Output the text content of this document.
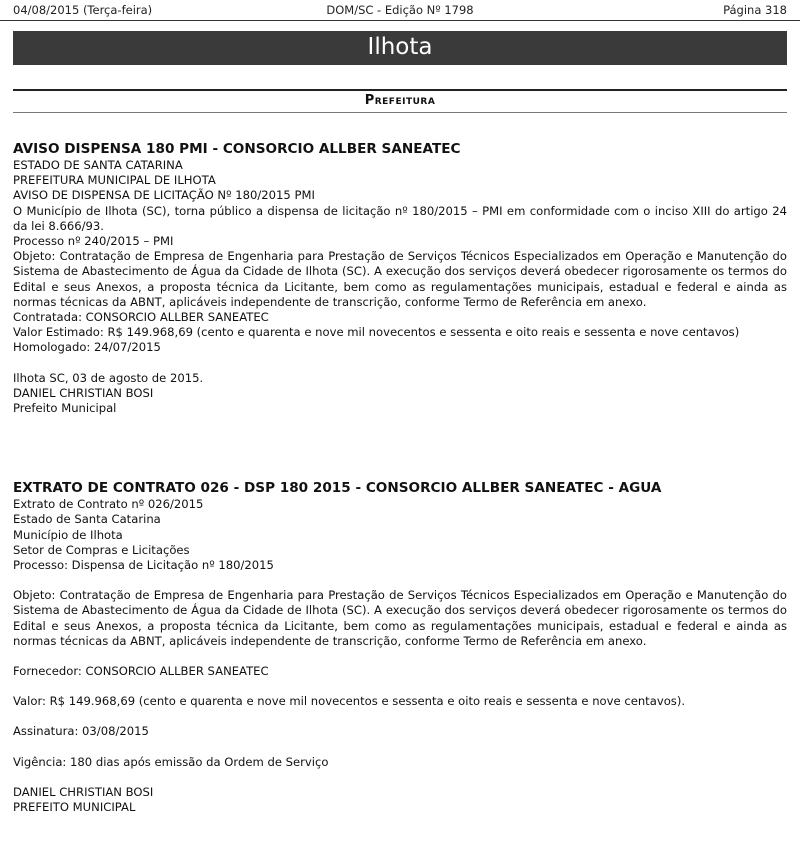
04/08/2015 (Terça-feira)	DOM/SC - Edição Nº 1798	Página 318
Ilhota
Prefeitura

AVISO DISPENSA 180 PMI - CONSORCIO ALLBER SANEATEC

ESTADO DE SANTA CATARINA

PREFEITURA MUNICIPAL DE ILHOTA

AVISO DE DISPENSA DE LICITAÇÃO Nº 180/2015 PMI

O Município de Ilhota (SC), torna público a dispensa de licitação nº 180/2015 – PMI em conformidade com o inciso XIII do artigo 24 da lei 8.666/93.

Processo nº 240/2015 – PMI

Objeto: Contratação de Empresa de Engenharia para Prestação de Serviços Técnicos Especializados em Operação e Manutenção do Sistema de Abastecimento de Água da Cidade de Ilhota (SC). A execução dos serviços deverá obedecer rigorosamente os termos do Edital e seus Anexos, a proposta técnica da Licitante, bem como as regulamentações municipais, estadual e federal e ainda as normas técnicas da ABNT, aplicáveis independente de transcrição, conforme Termo de Referência em anexo.

Contratada: CONSORCIO ALLBER SANEATEC

Valor Estimado: R$ 149.968,69 (cento e quarenta e nove mil novecentos e sessenta e oito reais e sessenta e nove centavos)

Homologado: 24/07/2015

Ilhota SC, 03 de agosto de 2015.

DANIEL CHRISTIAN BOSI

Prefeito Municipal

EXTRATO DE CONTRATO 026 - DSP 180 2015 - CONSORCIO ALLBER SANEATEC - AGUA

Extrato de Contrato nº 026/2015

Estado de Santa Catarina

Município de Ilhota

Setor de Compras e Licitações

Processo: Dispensa de Licitação nº 180/2015

Objeto: Contratação de Empresa de Engenharia para Prestação de Serviços Técnicos Especializados em Operação e Manutenção do Sistema de Abastecimento de Água da Cidade de Ilhota (SC). A execução dos serviços deverá obedecer rigorosamente os termos do Edital e seus Anexos, a proposta técnica da Licitante, bem como as regulamentações municipais, estadual e federal e ainda as normas técnicas da ABNT, aplicáveis independente de transcrição, conforme Termo de Referência em anexo.

Fornecedor: CONSORCIO ALLBER SANEATEC

Valor: R$ 149.968,69 (cento e quarenta e nove mil novecentos e sessenta e oito reais e sessenta e nove centavos).

Assinatura: 03/08/2015

Vigência: 180 dias após emissão da Ordem de Serviço

DANIEL CHRISTIAN BOSI

PREFEITO MUNICIPAL
